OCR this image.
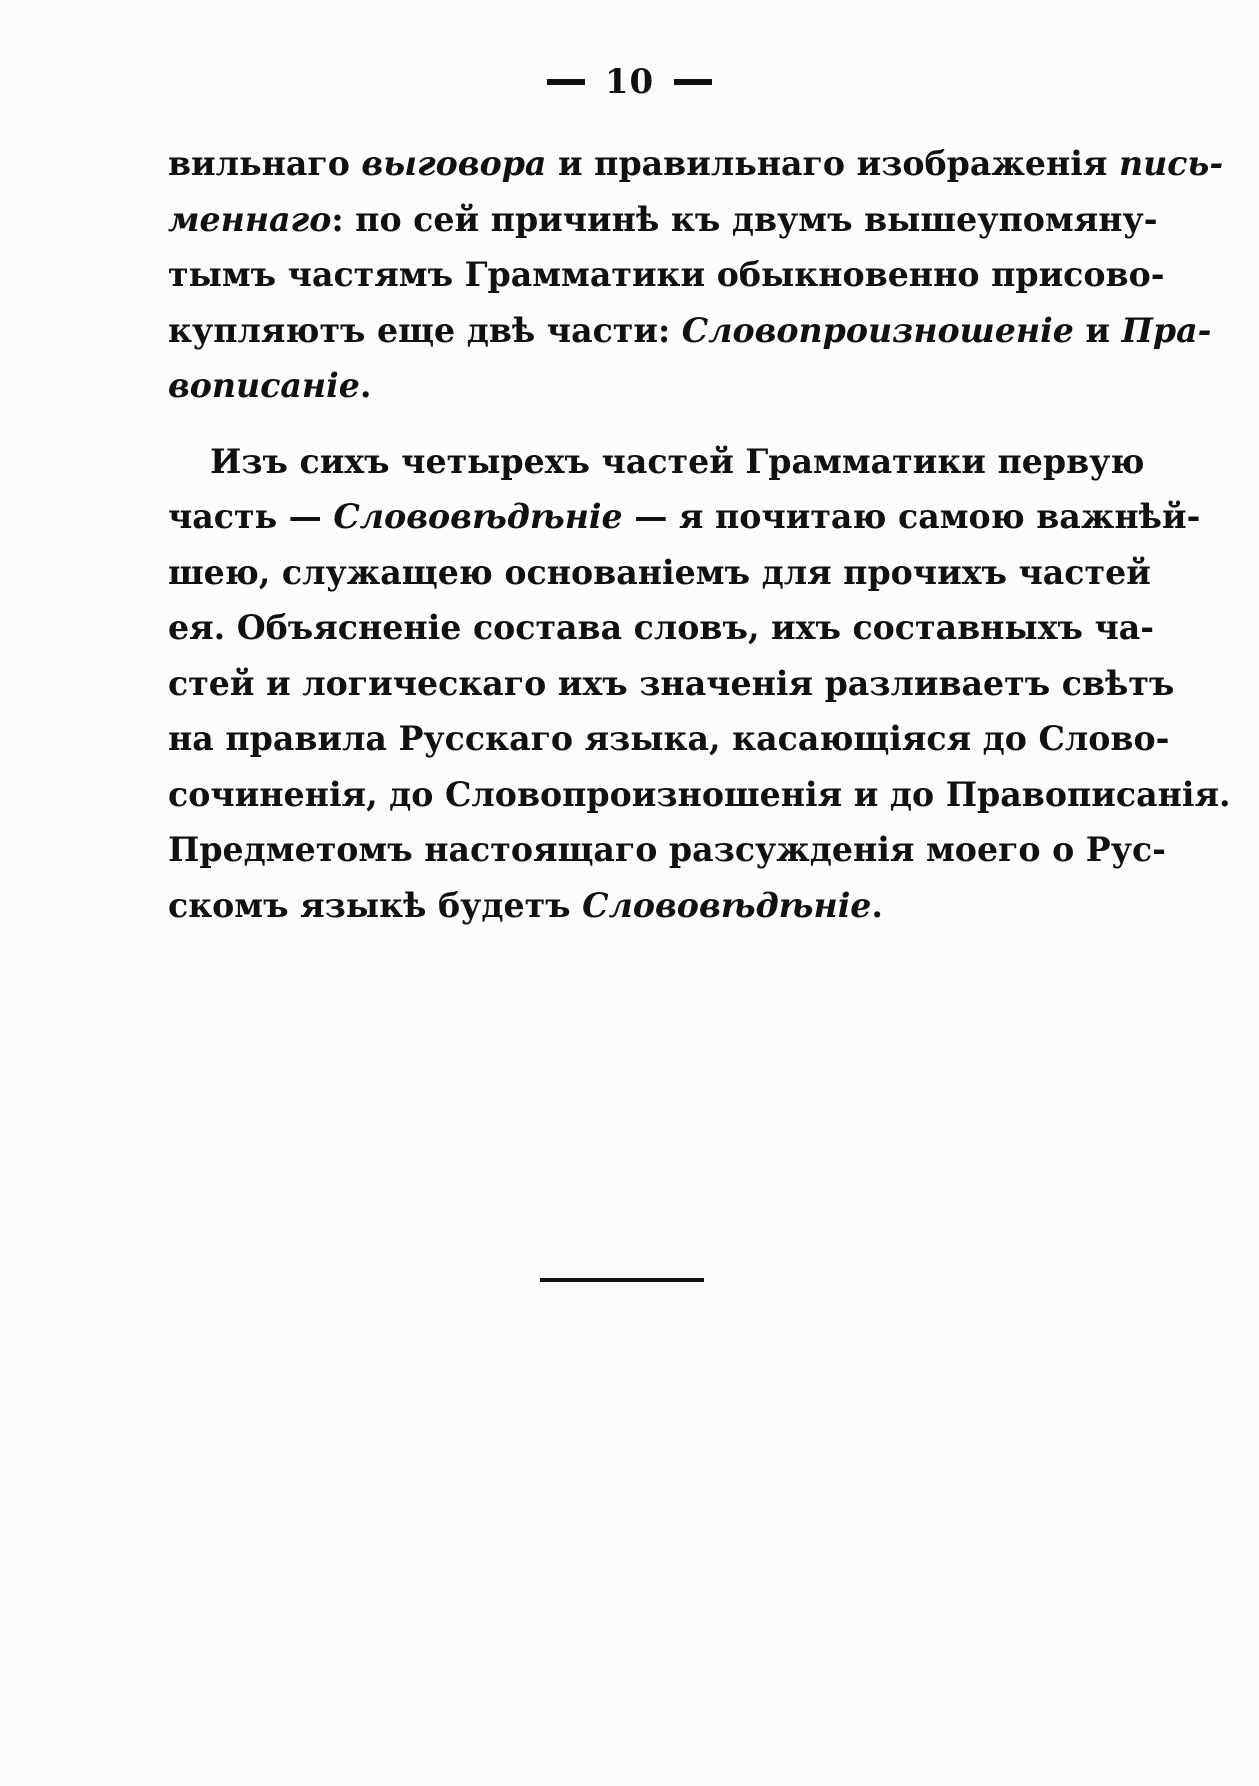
10
вильнаго выговора и правильнаго изображенія пись-
меннаго: по сей причинѣ къ двумъ вышеупомяну-
тымъ частямъ Грамматики обыкновенно присово-
купляютъ еще двѣ части: Словопроизношеніе и Пра-
вописаніе.
Изъ сихъ четырехъ частей Грамматики первую
часть — Слововѣдѣніе — я почитаю самою важнѣй-
шею, служащею основаніемъ для прочихъ частей
ея. Объясненіе состава словъ, ихъ составныхъ ча-
стей и логическаго ихъ значенія разливаетъ свѣтъ
на правила Русскаго языка, касающіяся до Слово-
сочиненія, до Словопроизношенія и до Правописанія.
Предметомъ настоящаго разсужденія моего о Рус-
скомъ языкѣ будетъ Слововѣдѣніе.
